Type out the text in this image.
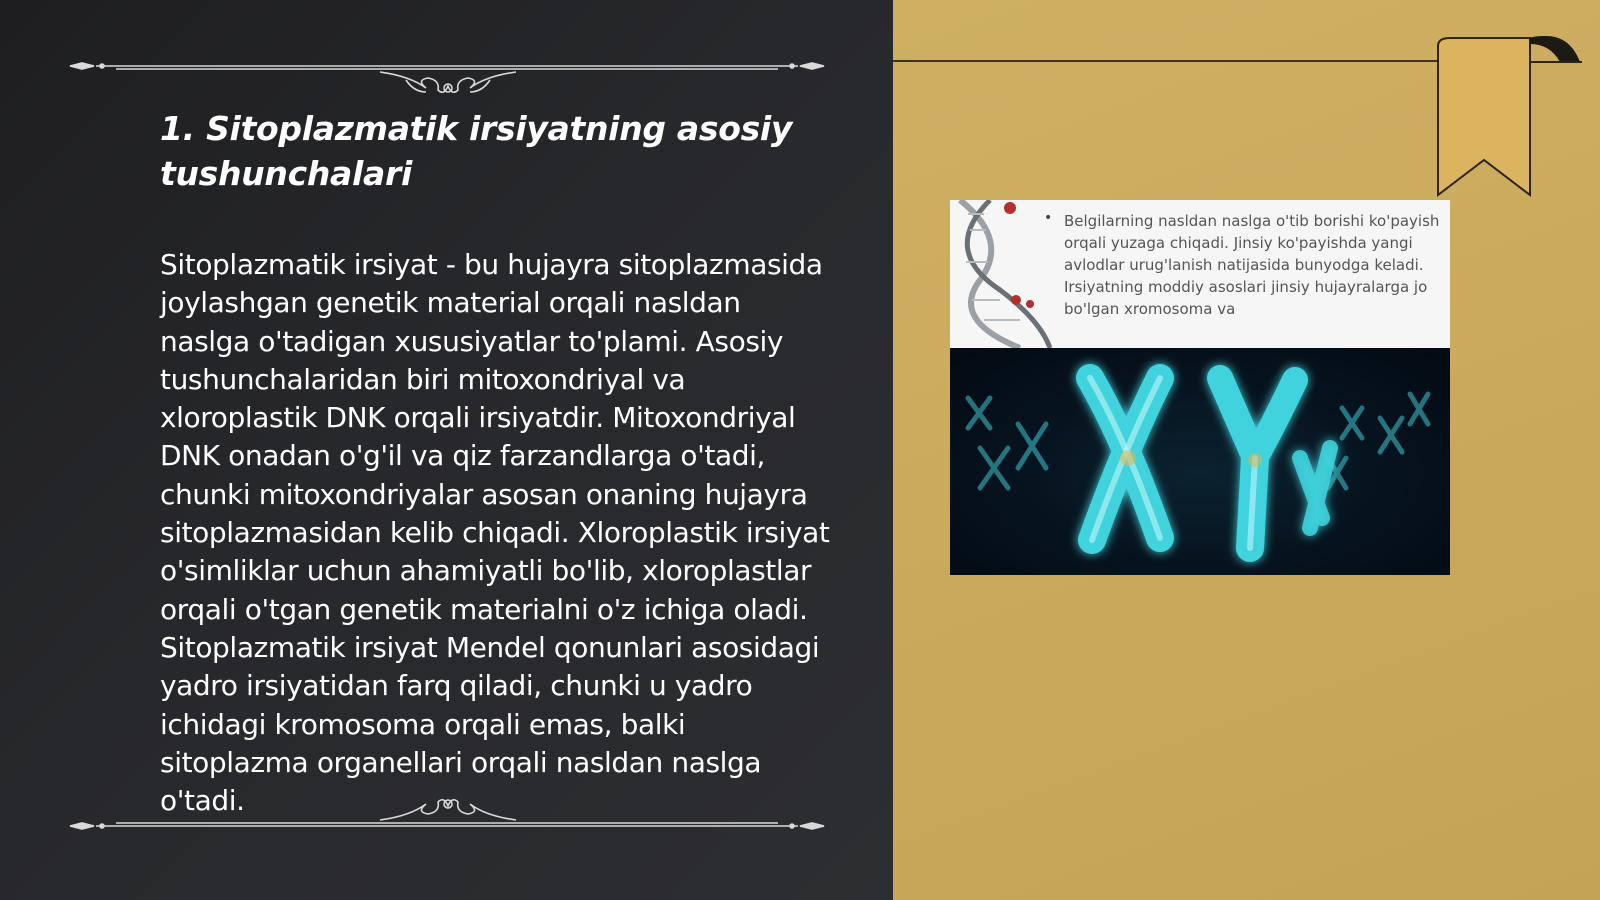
1. Sitoplazmatik irsiyatning asosiy tushunchalari

Sitoplazmatik irsiyat - bu hujayra sitoplazmasida joylashgan genetik material orqali nasldan naslga o'tadigan xususiyatlar to'plami. Asosiy tushunchalaridan biri mitoxondriyal va xloroplastik DNK orqali irsiyatdir. Mitoxondriyal DNK onadan o'g'il va qiz farzandlarga o'tadi, chunki mitoxondriyalar asosan onaning hujayra sitoplazmasidan kelib chiqadi. Xloroplastik irsiyat o'simliklar uchun ahamiyatli bo'lib, xloroplastlar orqali o'tgan genetik materialni o'z ichiga oladi. Sitoplazmatik irsiyat Mendel qonunlari asosidagi yadro irsiyatidan farq qiladi, chunki u yadro ichidagi kromosoma orqali emas, balki sitoplazma organellari orqali nasldan naslga o'tadi.

• Belgilarning nasldan naslga o'tib borishi ko'payish orqali yuzaga chiqadi. Jinsiy ko'payishda yangi avlodlar urug'lanish natijasida bunyodga keladi. Irsiyatning moddiy asoslari jinsiy hujayralarga jo bo'lgan xromosoma va
